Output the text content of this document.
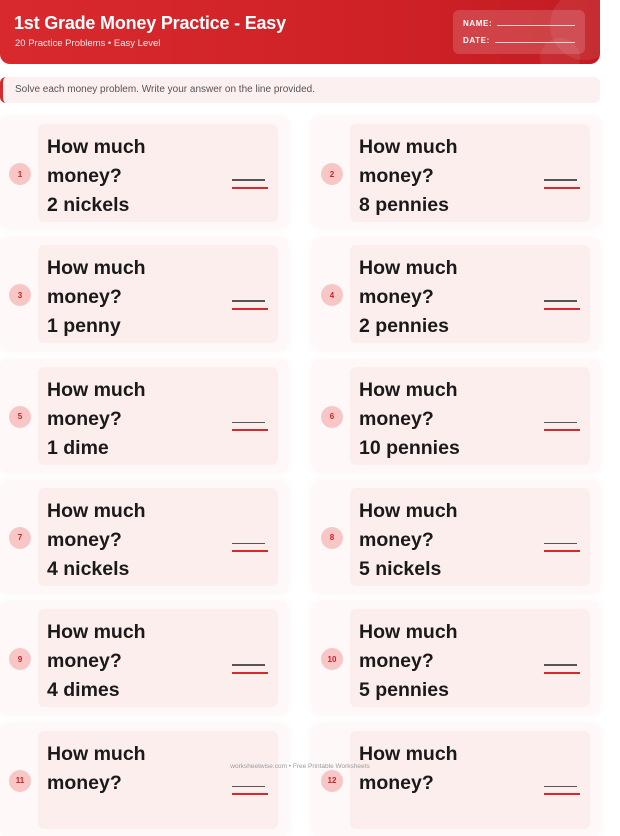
1st Grade Money Practice - Easy
20 Practice Problems • Easy Level
NAME:
DATE:
Solve each money problem. Write your answer on the line provided.
1
How much
money?
2 nickels
2
How much
money?
8 pennies
3
How much
money?
1 penny
4
How much
money?
2 pennies
5
How much
money?
1 dime
6
How much
money?
10 pennies
7
How much
money?
4 nickels
8
How much
money?
5 nickels
9
How much
money?
4 dimes
10
How much
money?
5 pennies
11
How much
money?	12
How much
money?
worksheetwise.com • Free Printable Worksheets
